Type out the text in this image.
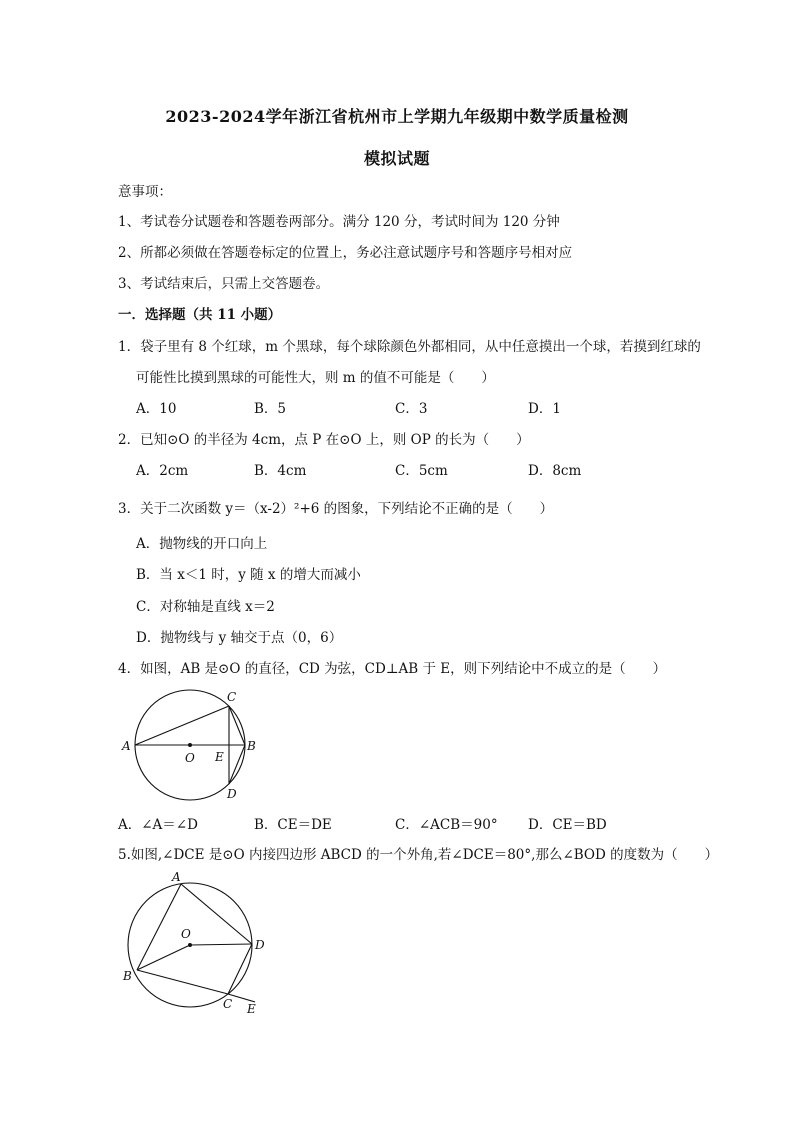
2023-2024学年浙江省杭州市上学期九年级期中数学质量检测
模拟试题
意事项：
1、考试卷分试题卷和答题卷两部分。满分 120 分，考试时间为 120 分钟
2、所都必须做在答题卷标定的位置上，务必注意试题序号和答题序号相对应
3、考试结束后，只需上交答题卷。
一．选择题（共 11 小题）
1．袋子里有 8 个红球，m 个黑球，每个球除颜色外都相同，从中任意摸出一个球，若摸到红球的
可能性比摸到黑球的可能性大，则 m 的值不可能是（　　）
A．10	B．5	C．3	D．1
2．已知⊙O 的半径为 4cm，点 P 在⊙O 上，则 OP 的长为（　　）
A．2cm	B．4cm	C．5cm	D．8cm
3．关于二次函数 y＝（x-2）²+6 的图象，下列结论不正确的是（　　）
A．抛物线的开口向上
B．当 x＜1 时，y 随 x 的增大而减小
C．对称轴是直线 x＝2
D．抛物线与 y 轴交于点（0，6）
4．如图，AB 是⊙O 的直径，CD 为弦，CD⊥AB 于 E，则下列结论中不成立的是（　　）
A	B
C
D
E
O
A．∠A＝∠D	B．CE＝DE	C．∠ACB＝90° D．CE＝BD
5.如图,∠DCE 是⊙O 内接四边形 ABCD 的一个外角,若∠DCE＝80°,那么∠BOD 的度数为（　　）
A
O
D
B
C E
